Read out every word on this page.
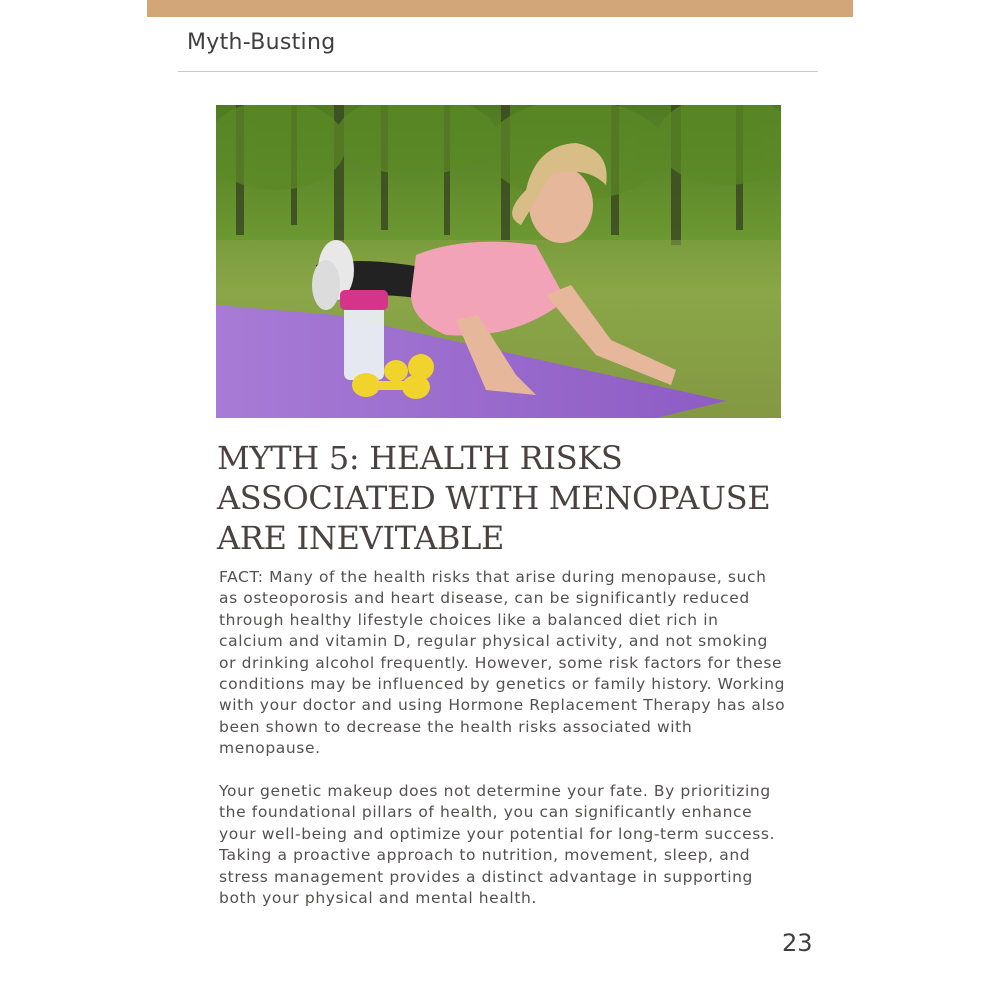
Myth-Busting
MYTH 5: HEALTH RISKS
ASSOCIATED WITH MENOPAUSE
ARE INEVITABLE

FACT: Many of the health risks that arise during menopause, such as osteoporosis and heart disease, can be significantly reduced through healthy lifestyle choices like a balanced diet rich in calcium and vitamin D, regular physical activity, and not smoking or drinking alcohol frequently. However, some risk factors for these conditions may be influenced by genetics or family history. Working with your doctor and using Hormone Replacement Therapy has also been shown to decrease the health risks associated with menopause.

Your genetic makeup does not determine your fate. By prioritizing the foundational pillars of health, you can significantly enhance your well-being and optimize your potential for long-term success. Taking a proactive approach to nutrition, movement, sleep, and stress management provides a distinct advantage in supporting both your physical and mental health.

23
